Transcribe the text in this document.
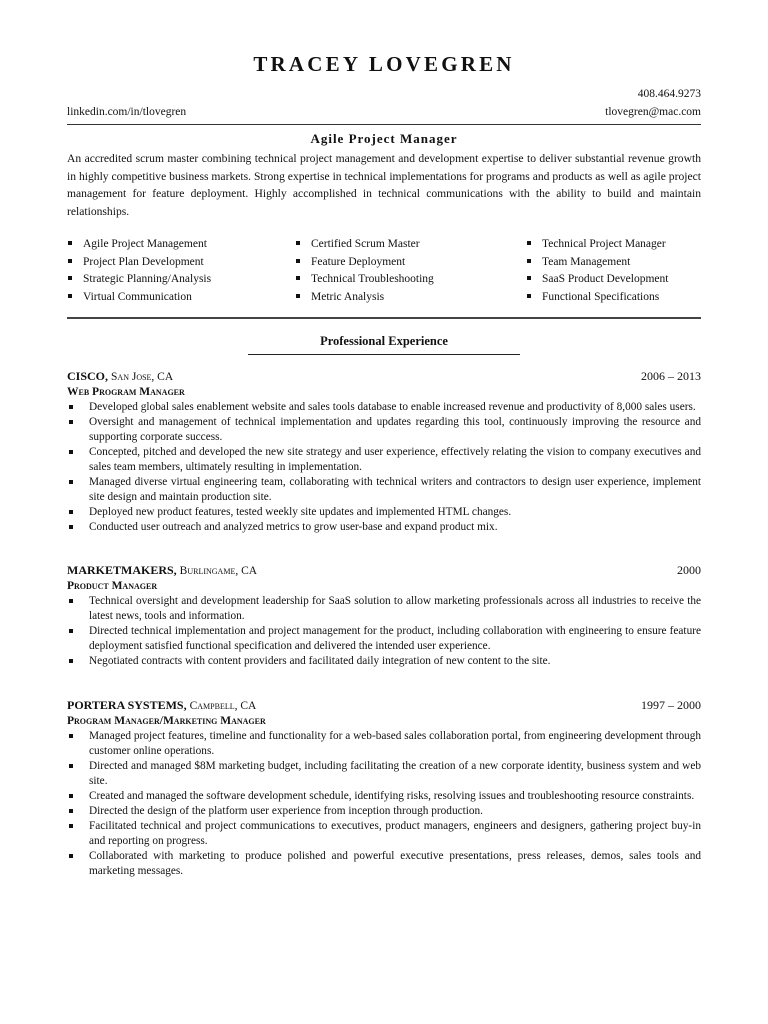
TRACEY LOVEGREN
408.464.9273
linkedin.com/in/tlovegren	tlovegren@mac.com
Agile Project Manager

An accredited scrum master combining technical project management and development expertise to deliver substantial revenue growth in highly competitive business markets. Strong expertise in technical implementations for programs and products as well as agile project management for feature deployment. Highly accomplished in technical communications with the ability to build and maintain relationships.

Agile Project Management
Project Plan Development
Strategic Planning/Analysis
Virtual Communication
Certified Scrum Master
Feature Deployment
Technical Troubleshooting
Metric Analysis
Technical Project Manager
Team Management
SaaS Product Development
Functional Specifications
Professional Experience
CISCO, San Jose, CA	2006 – 2013
Web Program Manager
Developed global sales enablement website and sales tools database to enable increased revenue and productivity of 8,000 sales users.
Oversight and management of technical implementation and updates regarding this tool, continuously improving the resource and supporting corporate success.
Concepted, pitched and developed the new site strategy and user experience, effectively relating the vision to company executives and sales team members, ultimately resulting in implementation.
Managed diverse virtual engineering team, collaborating with technical writers and contractors to design user experience, implement site design and maintain production site.
Deployed new product features, tested weekly site updates and implemented HTML changes.
Conducted user outreach and analyzed metrics to grow user-base and expand product mix.
MARKETMAKERS, Burlingame, CA	2000
Product Manager
Technical oversight and development leadership for SaaS solution to allow marketing professionals across all industries to receive the latest news, tools and information.
Directed technical implementation and project management for the product, including collaboration with engineering to ensure feature deployment satisfied functional specification and delivered the intended user experience.
Negotiated contracts with content providers and facilitated daily integration of new content to the site.
PORTERA SYSTEMS, Campbell, CA	1997 – 2000
Program Manager/Marketing Manager
Managed project features, timeline and functionality for a web-based sales collaboration portal, from engineering development through customer online operations.
Directed and managed $8M marketing budget, including facilitating the creation of a new corporate identity, business system and web site.
Created and managed the software development schedule, identifying risks, resolving issues and troubleshooting resource constraints.
Directed the design of the platform user experience from inception through production.
Facilitated technical and project communications to executives, product managers, engineers and designers, gathering project buy-in and reporting on progress.
Collaborated with marketing to produce polished and powerful executive presentations, press releases, demos, sales tools and marketing messages.
